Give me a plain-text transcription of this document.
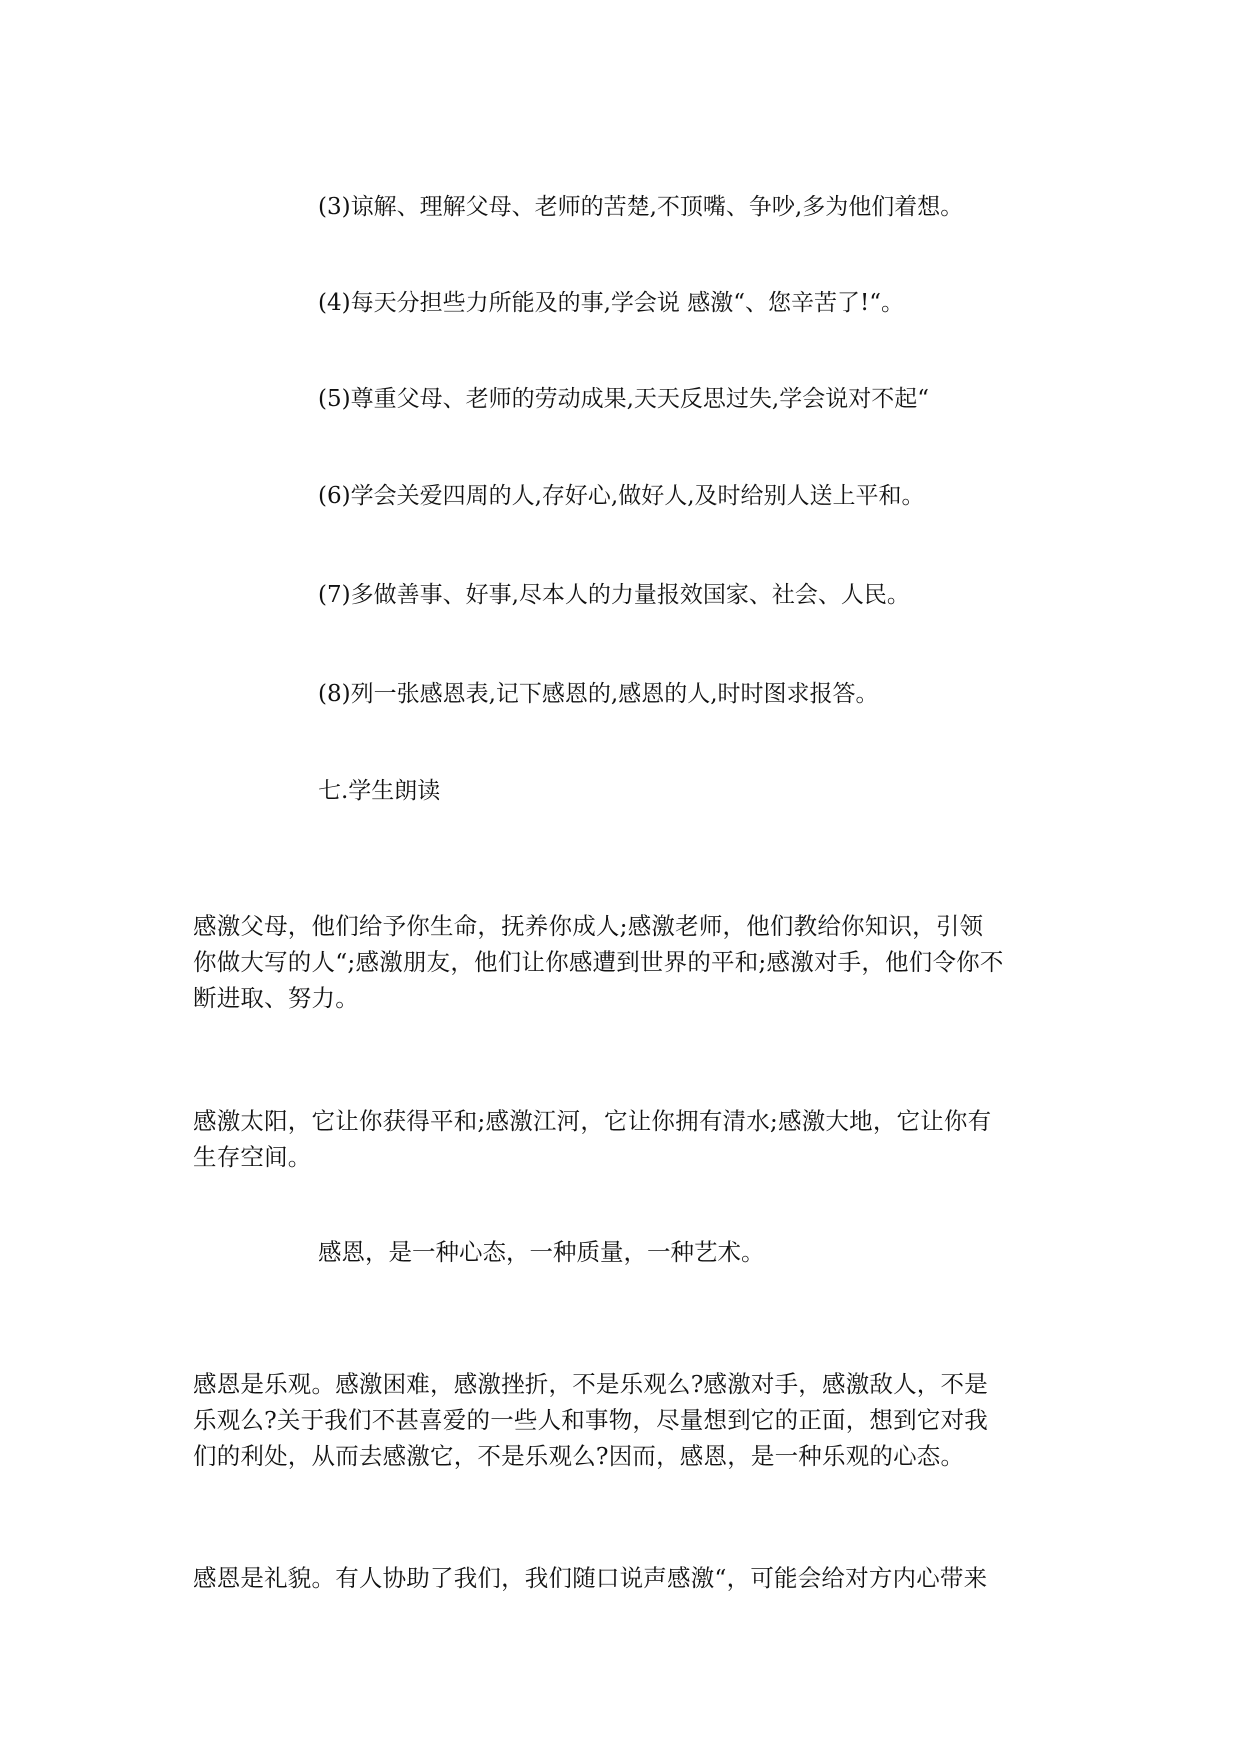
(3)谅解、理解父母、老师的苦楚,不顶嘴、争吵,多为他们着想。
(4)每天分担些力所能及的事,学会说 感激“、您辛苦了!“。
(5)尊重父母、老师的劳动成果,天天反思过失,学会说对不起“
(6)学会关爱四周的人,存好心,做好人,及时给别人送上平和。
(7)多做善事、好事,尽本人的力量报效国家、社会、人民。
(8)列一张感恩表,记下感恩的,感恩的人,时时图求报答。
七.学生朗读
感激父母，他们给予你生命，抚养你成人;感激老师，他们教给你知识，引领
你做大写的人“;感激朋友，他们让你感遭到世界的平和;感激对手，他们令你不
断进取、努力。
感激太阳，它让你获得平和;感激江河，它让你拥有清水;感激大地，它让你有
生存空间。
感恩，是一种心态，一种质量，一种艺术。
感恩是乐观。感激困难，感激挫折，不是乐观么?感激对手，感激敌人，不是
乐观么?关于我们不甚喜爱的一些人和事物，尽量想到它的正面，想到它对我
们的利处，从而去感激它，不是乐观么?因而，感恩，是一种乐观的心态。
感恩是礼貌。有人协助了我们，我们随口说声感激“，可能会给对方内心带来
